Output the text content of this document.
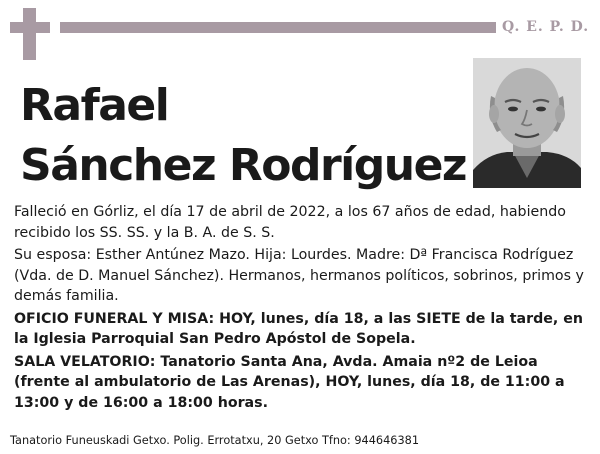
Q. E. P. D.
Rafael
Sánchez Rodríguez

Falleció en Górliz, el día 17 de abril de 2022, a los 67 años de edad, habiendo recibido los SS. SS. y la B. A. de S. S.

Su esposa: Esther Antúnez Mazo. Hija: Lourdes. Madre: Dª Francisca Rodríguez (Vda. de D. Manuel Sánchez). Hermanos, hermanos políticos, sobrinos, primos y demás familia.

OFICIO FUNERAL Y MISA: HOY, lunes, día 18, a las SIETE de la tarde, en la Iglesia Parroquial San Pedro Apóstol de Sopela.

SALA VELATORIO: Tanatorio Santa Ana, Avda. Amaia nº2 de Leioa (frente al ambulatorio de Las Arenas), HOY, lunes, día 18, de 11:00 a 13:00 y de 16:00 a 18:00 horas.

Tanatorio Funeuskadi Getxo. Polig. Errotatxu, 20 Getxo Tfno: 944646381
